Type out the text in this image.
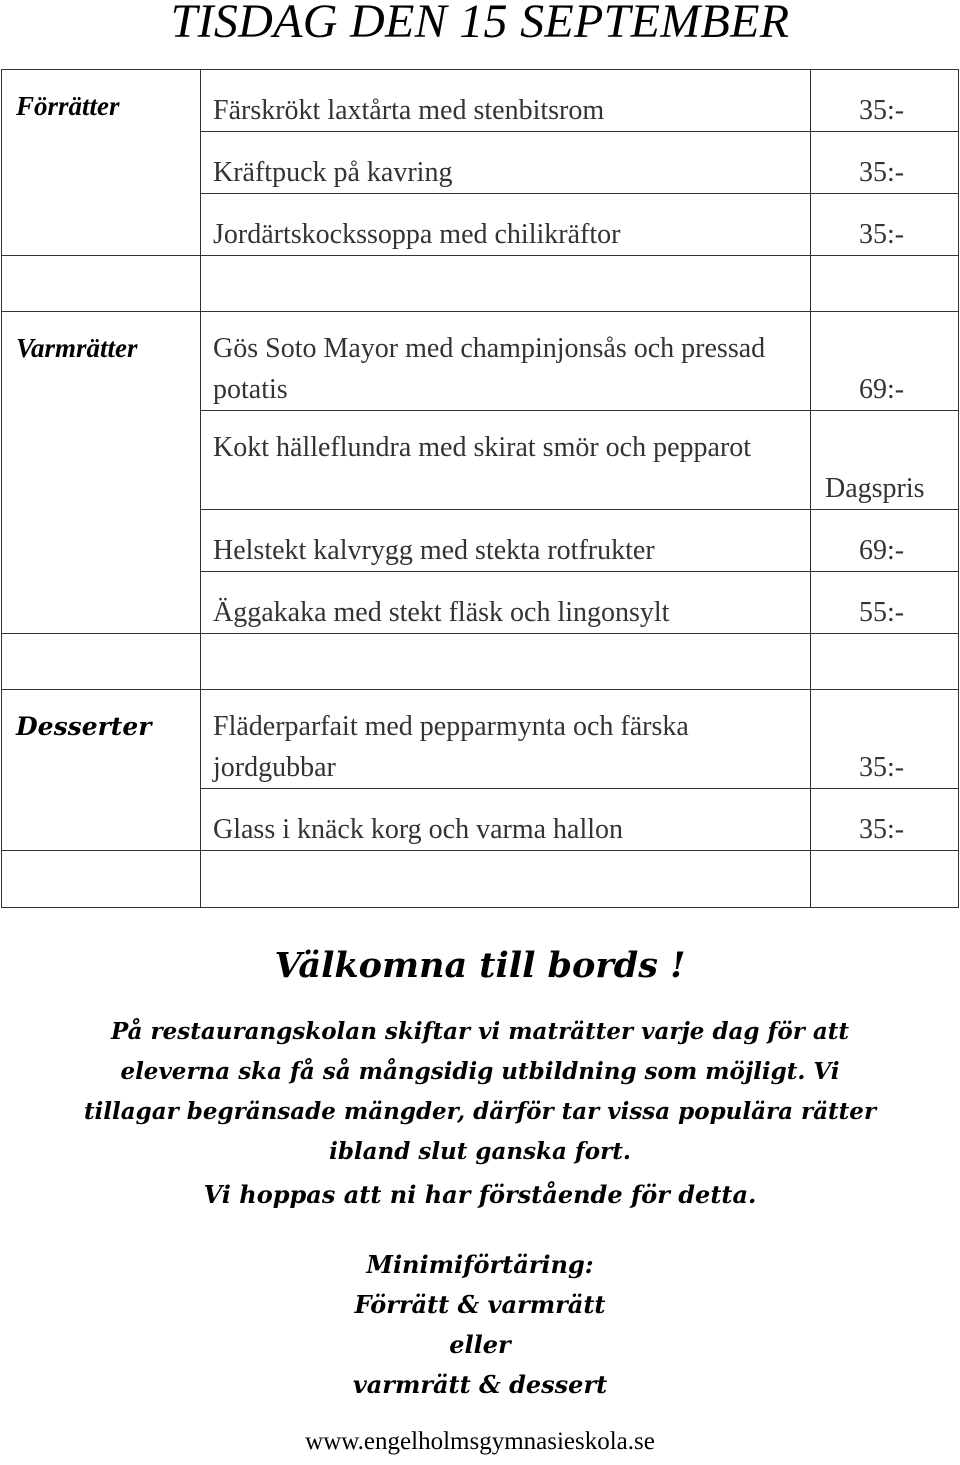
TISDAG DEN 15 SEPTEMBER
Förrätter	Färskrökt laxtårta med stenbitsrom	35:-

	Kräftpuck på kavring	35:-

	Jordärtskockssoppa med chilikräftor	35:-

Varmrätter	Gös Soto Mayor med champinjonsås och pressad potatis	69:-

	Kokt hälleflundra med skirat smör och pepparot	Dagspris

	Helstekt kalvrygg med stekta rotfrukter	69:-

	Äggakaka med stekt fläsk och lingonsylt	55:-

Desserter	Fläderparfait med pepparmynta och färska jordgubbar	35:-

	Glass i knäck korg och varma hallon	35:-

Välkomna till bords !
På restaurangskolan skiftar vi maträtter varje dag för att
eleverna ska få så mångsidig utbildning som möjligt. Vi
tillagar begränsade mängder, därför tar vissa populära rätter
ibland slut ganska fort.
Vi hoppas att ni har förstående för detta.
Minimiförtäring:
Förrätt & varmrätt
eller
varmrätt & dessert
www.engelholmsgymnasieskola.se
